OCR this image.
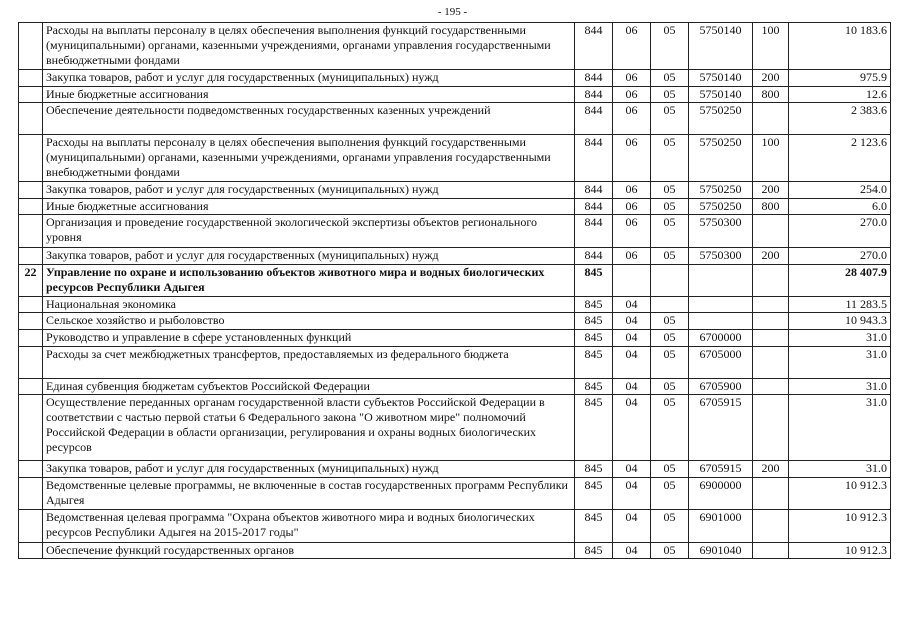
- 195 -
	Расходы на выплаты персоналу в целях обеспечения выполнения функций государственными (муниципальными) органами, казенными учреждениями, органами управления государственными внебюджетными фондами	844	06	05	5750140	100	10 183.6
	Закупка товаров, работ и услуг для государственных (муниципальных) нужд	844	06	05	5750140	200	975.9
	Иные бюджетные ассигнования	844	06	05	5750140	800	12.6
	Обеспечение деятельности подведомственных государственных казенных учреждений	844	06	05	5750250		2 383.6
	Расходы на выплаты персоналу в целях обеспечения выполнения функций государственными (муниципальными) органами, казенными учреждениями, органами управления государственными внебюджетными фондами	844	06	05	5750250	100	2 123.6
	Закупка товаров, работ и услуг для государственных (муниципальных) нужд	844	06	05	5750250	200	254.0
	Иные бюджетные ассигнования	844	06	05	5750250	800	6.0
	Организация и проведение государственной экологической экспертизы объектов регионального уровня	844	06	05	5750300		270.0
	Закупка товаров, работ и услуг для государственных (муниципальных) нужд	844	06	05	5750300	200	270.0
22	Управление по охране и использованию объектов животного мира и водных биологических ресурсов Республики Адыгея	845					28 407.9
	Национальная экономика	845	04				11 283.5
	Сельское хозяйство и рыболовство	845	04	05			10 943.3
	Руководство и управление в сфере установленных функций	845	04	05	6700000		31.0
	Расходы за счет межбюджетных трансфертов, предоставляемых из федерального бюджета	845	04	05	6705000		31.0
	Единая субвенция бюджетам субъектов Российской Федерации	845	04	05	6705900		31.0
	Осуществление переданных органам государственной власти субъектов Российской Федерации в соответствии с частью первой статьи 6 Федерального закона "О животном мире" полномочий Российской Федерации в области организации, регулирования и охраны водных биологических ресурсов	845	04	05	6705915		31.0
	Закупка товаров, работ и услуг для государственных (муниципальных) нужд	845	04	05	6705915	200	31.0
	Ведомственные целевые программы, не включенные в состав государственных программ Республики Адыгея	845	04	05	6900000		10 912.3
	Ведомственная целевая программа "Охрана объектов животного мира и водных биологических ресурсов Республики Адыгея на 2015-2017 годы"	845	04	05	6901000		10 912.3
	Обеспечение функций государственных органов	845	04	05	6901040		10 912.3
